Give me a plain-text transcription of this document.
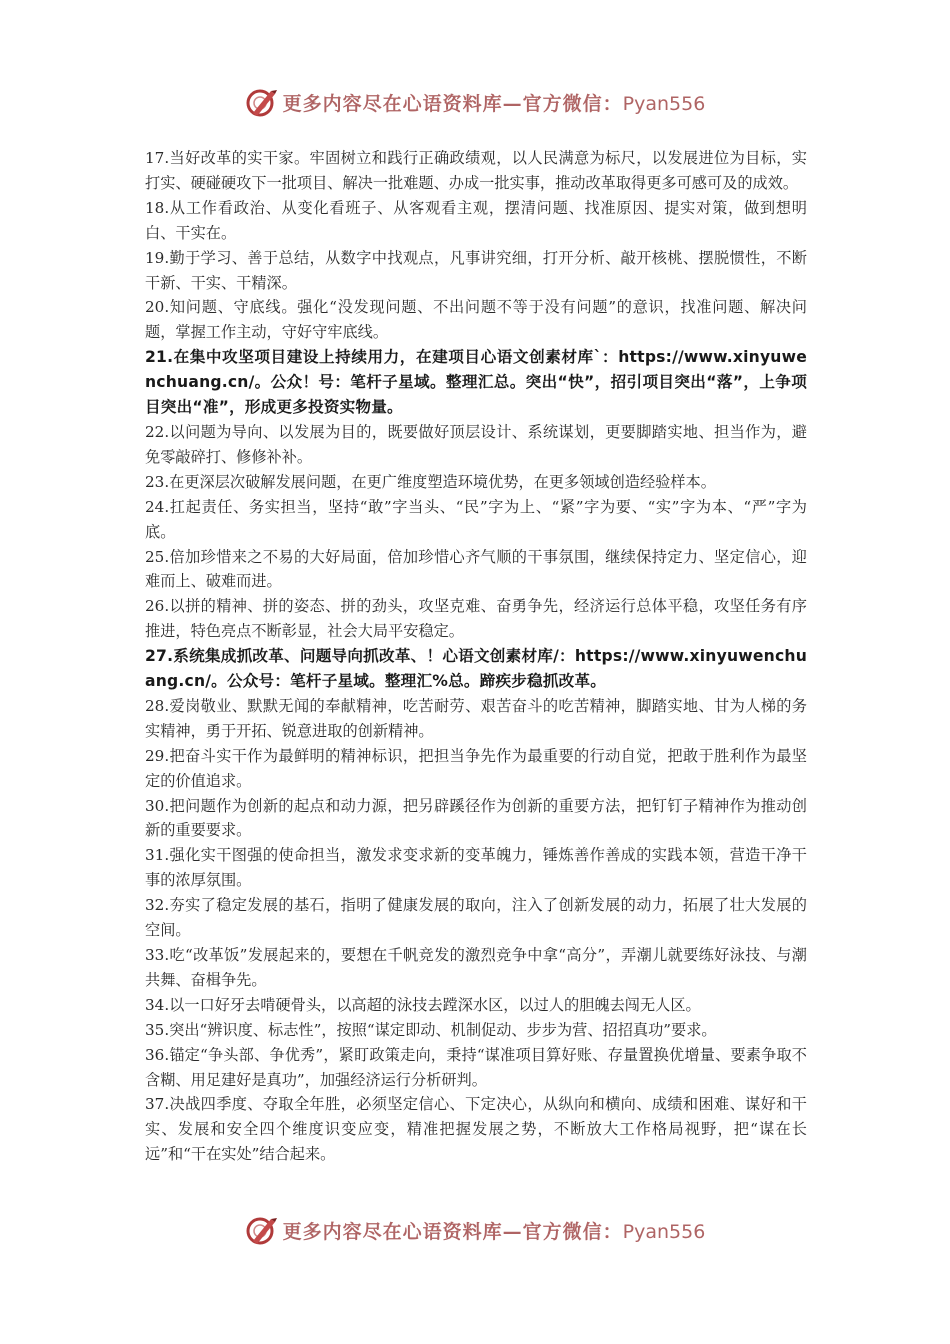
更多内容尽在心语资料库—官方微信：Pyan556

17.当好改革的实干家。牢固树立和践行正确政绩观，以人民满意为标尺，以发展进位为目标，实打实、硬碰硬攻下一批项目、解决一批难题、办成一批实事，推动改革取得更多可感可及的成效。

18.从工作看政治、从变化看班子、从客观看主观，摆清问题、找准原因、提实对策，做到想明白、干实在。

19.勤于学习、善于总结，从数字中找观点，凡事讲究细，打开分析、敲开核桃、摆脱惯性，不断干新、干实、干精深。

20.知问题、守底线。强化“没发现问题、不出问题不等于没有问题”的意识，找准问题、解决问题，掌握工作主动，守好守牢底线。

21.在集中攻坚项目建设上持续用力，在建项目心语文创素材库`：https://www.xinyuwenchuang.cn/。公众！号：笔杆子星域。整理汇总。突出“快”，招引项目突出“落”，上争项目突出“准”，形成更多投资实物量。

22.以问题为导向、以发展为目的，既要做好顶层设计、系统谋划，更要脚踏实地、担当作为，避免零敲碎打、修修补补。

23.在更深层次破解发展问题，在更广维度塑造环境优势，在更多领域创造经验样本。

24.扛起责任、务实担当，坚持“敢”字当头、“民”字为上、“紧”字为要、“实”字为本、“严”字为底。

25.倍加珍惜来之不易的大好局面，倍加珍惜心齐气顺的干事氛围，继续保持定力、坚定信心，迎难而上、破难而进。

26.以拼的精神、拼的姿态、拼的劲头，攻坚克难、奋勇争先，经济运行总体平稳，攻坚任务有序推进，特色亮点不断彰显，社会大局平安稳定。

27.系统集成抓改革、问题导向抓改革、！心语文创素材库/：https://www.xinyuwenchuang.cn/。公众号：笔杆子星域。整理汇%总。蹄疾步稳抓改革。

28.爱岗敬业、默默无闻的奉献精神，吃苦耐劳、艰苦奋斗的吃苦精神，脚踏实地、甘为人梯的务实精神，勇于开拓、锐意进取的创新精神。

29.把奋斗实干作为最鲜明的精神标识，把担当争先作为最重要的行动自觉，把敢于胜利作为最坚定的价值追求。

30.把问题作为创新的起点和动力源，把另辟蹊径作为创新的重要方法，把钉钉子精神作为推动创新的重要要求。

31.强化实干图强的使命担当，激发求变求新的变革魄力，锤炼善作善成的实践本领，营造干净干事的浓厚氛围。

32.夯实了稳定发展的基石，指明了健康发展的取向，注入了创新发展的动力，拓展了壮大发展的空间。

33.吃“改革饭”发展起来的，要想在千帆竞发的激烈竞争中拿“高分”，弄潮儿就要练好泳技、与潮共舞、奋楫争先。

34.以一口好牙去啃硬骨头，以高超的泳技去蹚深水区，以过人的胆魄去闯无人区。

35.突出“辨识度、标志性”，按照“谋定即动、机制促动、步步为营、招招真功”要求。

36.锚定“争头部、争优秀”，紧盯政策走向，秉持“谋准项目算好账、存量置换优增量、要素争取不含糊、用足建好是真功”，加强经济运行分析研判。

37.决战四季度、夺取全年胜，必须坚定信心、下定决心，从纵向和横向、成绩和困难、谋好和干实、发展和安全四个维度识变应变，精准把握发展之势，不断放大工作格局视野，把“谋在长远”和“干在实处”结合起来。

更多内容尽在心语资料库—官方微信：Pyan556
